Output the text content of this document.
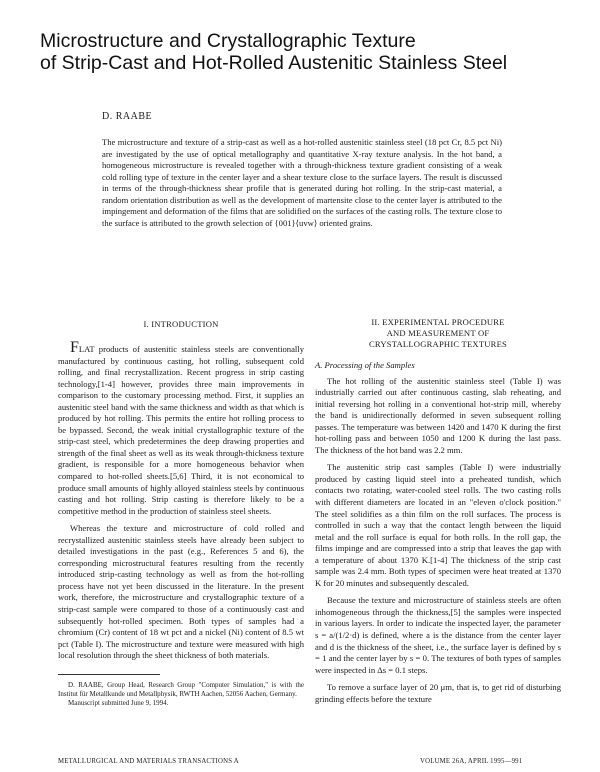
Microstructure and Crystallographic Texture
of Strip-Cast and Hot-Rolled Austenitic Stainless Steel
D. RAABE
The microstructure and texture of a strip-cast as well as a hot-rolled austenitic stainless steel (18 pct Cr, 8.5 pct Ni) are investigated by the use of optical metallography and quantitative X-ray texture analysis. In the hot band, a homogeneous microstructure is revealed together with a through-thickness texture gradient consisting of a weak cold rolling type of texture in the center layer and a shear texture close to the surface layers. The result is discussed in terms of the through-thickness shear profile that is generated during hot rolling. In the strip-cast material, a random orientation distribution as well as the development of martensite close to the center layer is attributed to the impingement and deformation of the films that are solidified on the surfaces of the casting rolls. The texture close to the surface is attributed to the growth selection of {001}⟨uvw⟩ oriented grains.
I. INTRODUCTION

FLAT products of austenitic stainless steels are conventionally manufactured by continuous casting, hot rolling, subsequent cold rolling, and final recrystallization. Recent progress in strip casting technology,[1-4] however, provides three main improvements in comparison to the customary processing method. First, it supplies an austenitic steel band with the same thickness and width as that which is produced by hot rolling. This permits the entire hot rolling process to be bypassed. Second, the weak initial crystallographic texture of the strip-cast steel, which predetermines the deep drawing properties and strength of the final sheet as well as its weak through-thickness texture gradient, is responsible for a more homogeneous behavior when compared to hot-rolled sheets.[5,6] Third, it is not economical to produce small amounts of highly alloyed stainless steels by continuous casting and hot rolling. Strip casting is therefore likely to be a competitive method in the production of stainless steel sheets.

Whereas the texture and microstructure of cold rolled and recrystallized austenitic stainless steels have already been subject to detailed investigations in the past (e.g., References 5 and 6), the corresponding microstructural features resulting from the recently introduced strip-casting technology as well as from the hot-rolling process have not yet been discussed in the literature. In the present work, therefore, the microstructure and crystallographic texture of a strip-cast sample were compared to those of a continuously cast and subsequently hot-rolled specimen. Both types of samples had a chromium (Cr) content of 18 wt pct and a nickel (Ni) content of 8.5 wt pct (Table I). The microstructure and texture were measured with high local resolution through the sheet thickness of both materials.

D. RAABE, Group Head, Research Group "Computer Simulation," is with the Institut für Metallkunde und Metallphysik, RWTH Aachen, 52056 Aachen, Germany.
Manuscript submitted June 9, 1994.
II. EXPERIMENTAL PROCEDURE
AND MEASUREMENT OF
CRYSTALLOGRAPHIC TEXTURES
A. Processing of the Samples

The hot rolling of the austenitic stainless steel (Table I) was industrially carried out after continuous casting, slab reheating, and initial reversing hot rolling in a conventional hot-strip mill, whereby the band is unidirectionally deformed in seven subsequent rolling passes. The temperature was between 1420 and 1470 K during the first hot-rolling pass and between 1050 and 1200 K during the last pass. The thickness of the hot band was 2.2 mm.

The austenitic strip cast samples (Table I) were industrially produced by casting liquid steel into a preheated tundish, which contacts two rotating, water-cooled steel rolls. The two casting rolls with different diameters are located in an "eleven o'clock position." The steel solidifies as a thin film on the roll surfaces. The process is controlled in such a way that the contact length between the liquid metal and the roll surface is equal for both rolls. In the roll gap, the films impinge and are compressed into a strip that leaves the gap with a temperature of about 1370 K.[1-4] The thickness of the strip cast sample was 2.4 mm. Both types of specimen were heat treated at 1370 K for 20 minutes and subsequently descaled.

Because the texture and microstructure of stainless steels are often inhomogeneous through the thickness,[5] the samples were inspected in various layers. In order to indicate the inspected layer, the parameter s = a/(1/2·d) is defined, where a is the distance from the center layer and d is the thickness of the sheet, i.e., the surface layer is defined by s = 1 and the center layer by s = 0. The textures of both types of samples were inspected in Δs = 0.1 steps.

To remove a surface layer of 20 μm, that is, to get rid of disturbing grinding effects before the texture

METALLURGICAL AND MATERIALS TRANSACTIONS A	VOLUME 26A, APRIL 1995—991
